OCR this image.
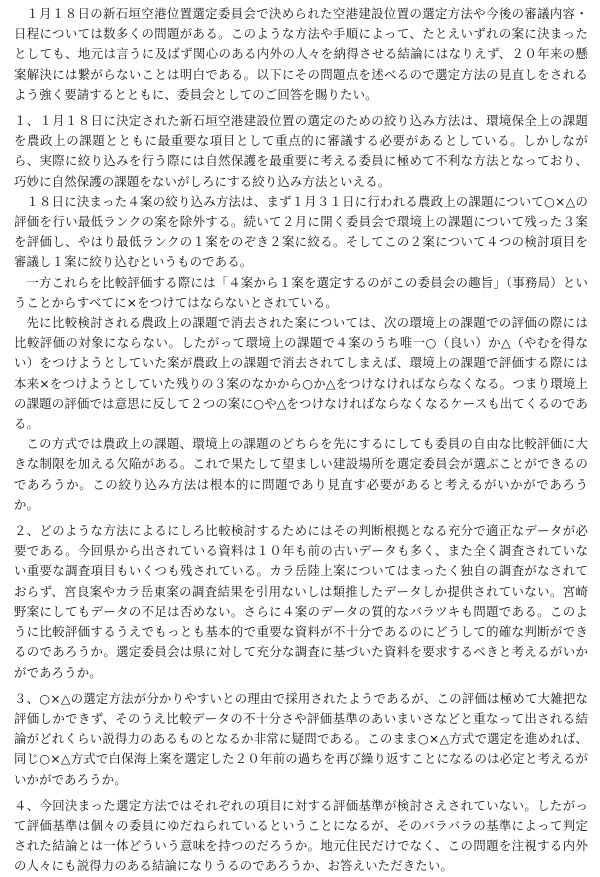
１月１８日の新石垣空港位置選定委員会で決められた空港建設位置の選定方法や今後の審議内容・日程については数多くの問題がある。このような方法や手順によって、たとえいずれの案に決まったとしても、地元は言うに及ばず関心のある内外の人々を納得させる結論にはなりえず、２０年来の懸案解決には繋がらないことは明白である。以下にその問題点を述べるので選定方法の見直しをされるよう強く要請するとともに、委員会としてのご回答を賜りたい。

１、１月１８日に決定された新石垣空港建設位置の選定のための絞り込み方法は、環境保全上の課題を農政上の課題とともに最重要な項目として重点的に審議する必要があるとしている。しかしながら、実際に絞り込みを行う際には自然保護を最重要に考える委員に極めて不利な方法となっており、巧妙に自然保護の課題をないがしろにする絞り込み方法といえる。

１８日に決まった４案の絞り込み方法は、まず１月３１日に行われる農政上の課題について○×△の評価を行い最低ランクの案を除外する。続いて２月に開く委員会で環境上の課題について残った３案を評価し、やはり最低ランクの１案をのぞき２案に絞る。そしてこの２案について４つの検討項目を審議し１案に絞り込むというものである。

一方これらを比較評価する際には「４案から１案を選定するのがこの委員会の趣旨」（事務局）ということからすべてに×をつけてはならないとされている。

先に比較検討される農政上の課題で消去された案については、次の環境上の課題での評価の際には比較評価の対象にならない。したがって環境上の課題で４案のうち唯一○（良い）か△（やむを得ない）をつけようとしていた案が農政上の課題で消去されてしまえば、環境上の課題で評価する際には本来×をつけようとしていた残りの３案のなかから○か△をつけなければならなくなる。つまり環境上の課題の評価では意思に反して２つの案に○や△をつけなければならなくなるケースも出てくるのである。

この方式では農政上の課題、環境上の課題のどちらを先にするにしても委員の自由な比較評価に大きな制限を加える欠陥がある。これで果たして望ましい建設場所を選定委員会が選ぶことができるのであろうか。この絞り込み方法は根本的に問題であり見直す必要があると考えるがいかがであろうか。

２、どのような方法によるにしろ比較検討するためにはその判断根拠となる充分で適正なデータが必要である。今回県から出されている資料は１０年も前の古いデータも多く、また全く調査されていない重要な調査項目もいくつも残されている。カラ岳陸上案についてはまったく独自の調査がなされておらず、宮良案やカラ岳東案の調査結果を引用ないしは類推したデータしか提供されていない。宮崎野案にしてもデータの不足は否めない。さらに４案のデータの質的なバラツキも問題である。このように比較評価するうえでもっとも基本的で重要な資料が不十分であるのにどうして的確な判断ができるのであろうか。選定委員会は県に対して充分な調査に基づいた資料を要求するべきと考えるがいかがであろうか。

３、○×△の選定方法が分かりやすいとの理由で採用されたようであるが、この評価は極めて大雑把な評価しかできず、そのうえ比較データの不十分さや評価基準のあいまいさなどと重なって出される結論がどれくらい説得力のあるものとなるか非常に疑問である。このまま○×△方式で選定を進めれば、同じ○×△方式で白保海上案を選定した２０年前の過ちを再び繰り返すことになるのは必定と考えるがいかがであろうか。

４、今回決まった選定方法ではそれぞれの項目に対する評価基準が検討さえされていない。したがって評価基準は個々の委員にゆだねられているということになるが、そのバラバラの基準によって判定された結論とは一体どういう意味を持つのだろうか。地元住民だけでなく、この問題を注視する内外の人々にも説得力のある結論になりうるのであろうか、お答えいただきたい。
